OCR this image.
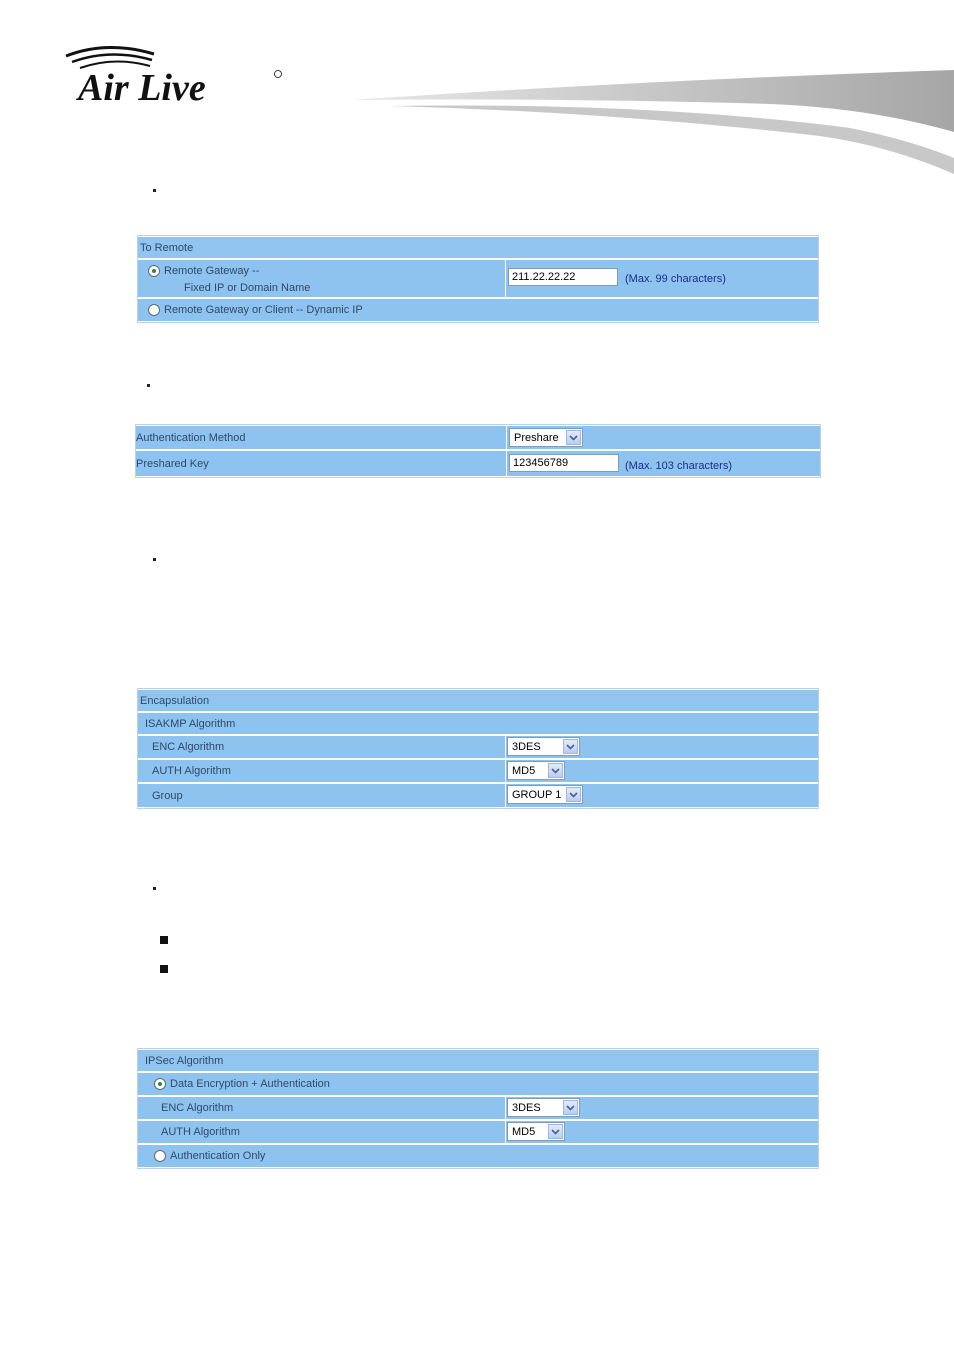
Air Live
To Remote
Remote Gateway --
Fixed IP or Domain Name
211.22.22.22	(Max. 99 characters)
Remote Gateway or Client -- Dynamic IP
Authentication Method	Preshare
Preshared Key	123456789	(Max. 103 characters)
Encapsulation
ISAKMP Algorithm
ENC Algorithm	3DES
AUTH Algorithm	MD5
Group	GROUP 1
IPSec Algorithm
Data Encryption + Authentication
ENC Algorithm	3DES
AUTH Algorithm	MD5
Authentication Only
